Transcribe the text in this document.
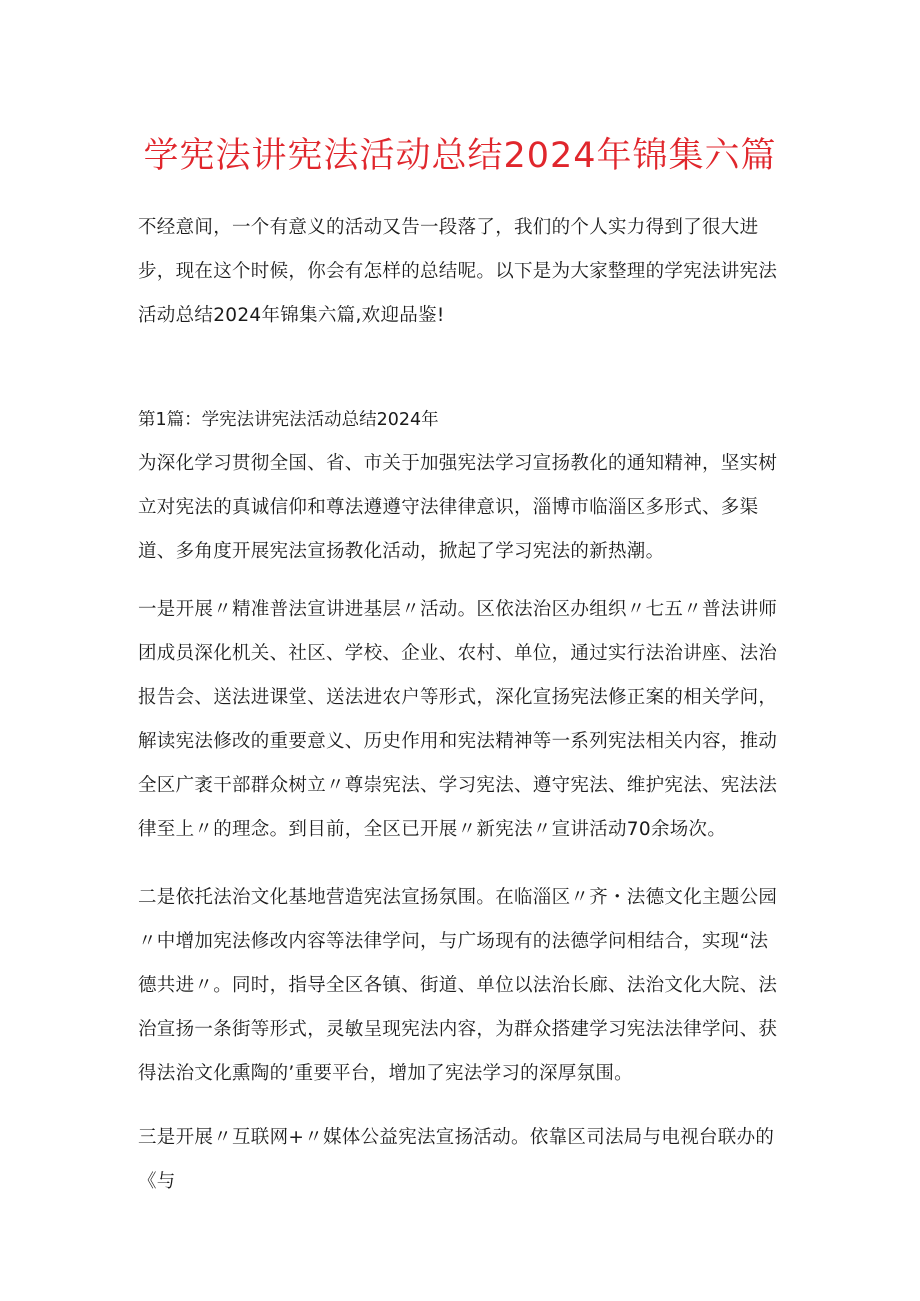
学宪法讲宪法活动总结2024年锦集六篇

不经意间，一个有意义的活动又告一段落了，我们的个人实力得到了很大进步，现在这个时候，你会有怎样的总结呢。以下是为大家整理的学宪法讲宪法活动总结2024年锦集六篇,欢迎品鉴!

第1篇：学宪法讲宪法活动总结2024年

为深化学习贯彻全国、省、市关于加强宪法学习宣扬教化的通知精神，坚实树立对宪法的真诚信仰和尊法遵遵守法律律意识，淄博市临淄区多形式、多渠道、多角度开展宪法宣扬教化活动，掀起了学习宪法的新热潮。

一是开展〃精准普法宣讲进基层〃活动。区依法治区办组织〃七五〃普法讲师团成员深化机关、社区、学校、企业、农村、单位，通过实行法治讲座、法治报告会、送法进课堂、送法进农户等形式，深化宣扬宪法修正案的相关学问，解读宪法修改的重要意义、历史作用和宪法精神等一系列宪法相关内容，推动全区广袤干部群众树立〃尊崇宪法、学习宪法、遵守宪法、维护宪法、宪法法律至上〃的理念。到目前，全区已开展〃新宪法〃宣讲活动70余场次。

二是依托法治文化基地营造宪法宣扬氛围。在临淄区〃齐・法德文化主题公园〃中增加宪法修改内容等法律学问，与广场现有的法德学问相结合，实现“法德共进〃。同时，指导全区各镇、街道、单位以法治长廊、法治文化大院、法治宣扬一条街等形式，灵敏呈现宪法内容，为群众搭建学习宪法法律学问、获得法治文化熏陶的’重要平台，增加了宪法学习的深厚氛围。

三是开展〃互联网+〃媒体公益宪法宣扬活动。依靠区司法局与电视台联办的《与
